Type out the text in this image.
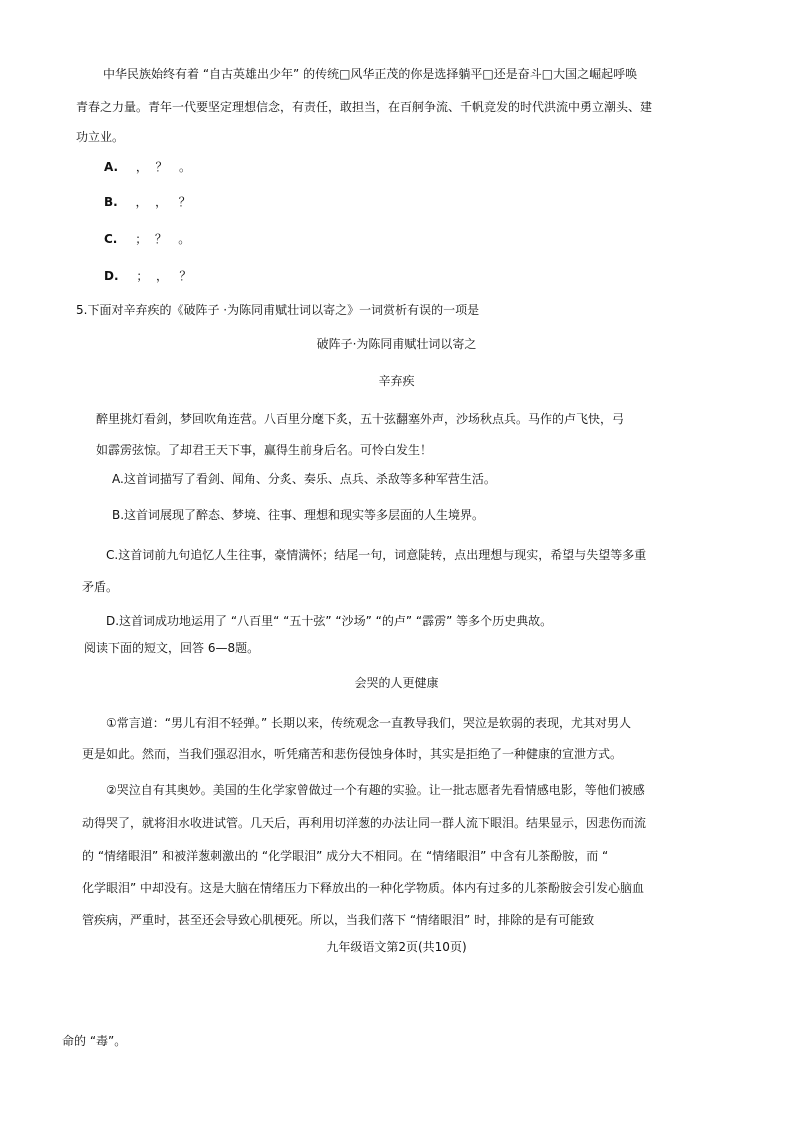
中华民族始终有着 “自古英雄出少年” 的传统□风华正茂的你是选择躺平□还是奋斗□大国之崛起呼唤
青春之力量。青年一代要坚定理想信念，有责任，敢担当，在百舸争流、千帆竞发的时代洪流中勇立潮头、建
功立业。
A. ，  ？   。
B. ，  ，   ？
C. ；  ？   。
D. ；  ，   ？
5.下面对辛弃疾的《破阵子 ·为陈同甫赋壮词以寄之》一词赏析有误的一项是
破阵子·为陈同甫赋壮词以寄之
辛弃疾
醉里挑灯看剑，梦回吹角连营。八百里分麾下炙，五十弦翻塞外声，沙场秋点兵。马作的卢飞快，弓
如霹雳弦惊。了却君王天下事，赢得生前身后名。可怜白发生！
A.这首词描写了看剑、闻角、分炙、奏乐、点兵、杀敌等多种军营生活。
B.这首词展现了醉态、梦境、往事、理想和现实等多层面的人生境界。
C.这首词前九句追忆人生往事，豪情满怀；结尾一句，词意陡转，点出理想与现实，希望与失望等多重
矛盾。
D.这首词成功地运用了 “八百里“ “五十弦” “沙场” “的卢” “霹雳” 等多个历史典故。
阅读下面的短文，回答 6—8题。
会哭的人更健康
①常言道：“男儿有泪不轻弹。” 长期以来，传统观念一直教导我们，哭泣是软弱的表现，尤其对男人
更是如此。然而，当我们强忍泪水，听凭痛苦和悲伤侵蚀身体时，其实是拒绝了一种健康的宣泄方式。
②哭泣自有其奥妙。美国的生化学家曾做过一个有趣的实验。让一批志愿者先看情感电影，等他们被感
动得哭了，就将泪水收进试管。几天后，再利用切洋葱的办法让同一群人流下眼泪。结果显示，因悲伤而流
的 “情绪眼泪” 和被洋葱刺激出的 “化学眼泪” 成分大不相同。在 “情绪眼泪” 中含有儿茶酚胺，而 “
化学眼泪” 中却没有。这是大脑在情绪压力下释放出的一种化学物质。体内有过多的儿茶酚胺会引发心脑血
管疾病，严重时，甚至还会导致心肌梗死。所以，当我们落下 “情绪眼泪” 时，排除的是有可能致
九年级语文第2页(共10页)
命的 “毒”。
